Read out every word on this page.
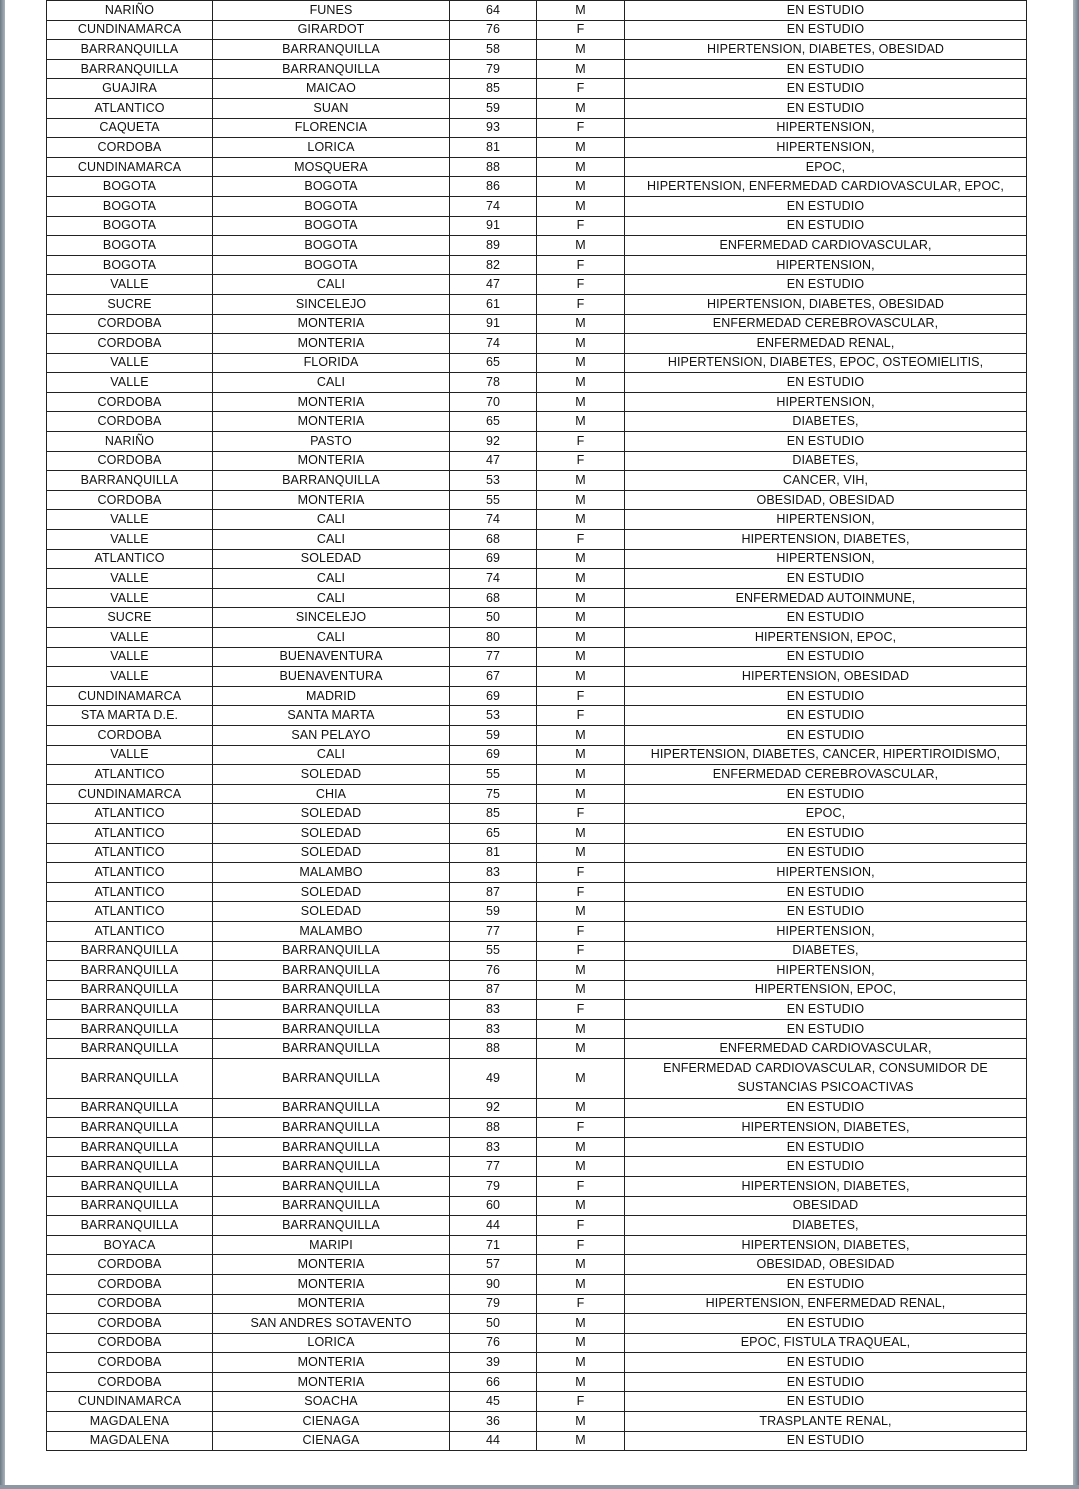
NARIÑO	FUNES	64	M	EN ESTUDIO
CUNDINAMARCA	GIRARDOT	76	F	EN ESTUDIO
BARRANQUILLA	BARRANQUILLA	58	M	HIPERTENSION, DIABETES, OBESIDAD
BARRANQUILLA	BARRANQUILLA	79	M	EN ESTUDIO
GUAJIRA	MAICAO	85	F	EN ESTUDIO
ATLANTICO	SUAN	59	M	EN ESTUDIO
CAQUETA	FLORENCIA	93	F	HIPERTENSION,
CORDOBA	LORICA	81	M	HIPERTENSION,
CUNDINAMARCA	MOSQUERA	88	M	EPOC,
BOGOTA	BOGOTA	86	M	HIPERTENSION, ENFERMEDAD CARDIOVASCULAR, EPOC,
BOGOTA	BOGOTA	74	M	EN ESTUDIO
BOGOTA	BOGOTA	91	F	EN ESTUDIO
BOGOTA	BOGOTA	89	M	ENFERMEDAD CARDIOVASCULAR,
BOGOTA	BOGOTA	82	F	HIPERTENSION,
VALLE	CALI	47	F	EN ESTUDIO
SUCRE	SINCELEJO	61	F	HIPERTENSION, DIABETES, OBESIDAD
CORDOBA	MONTERIA	91	M	ENFERMEDAD CEREBROVASCULAR,
CORDOBA	MONTERIA	74	M	ENFERMEDAD RENAL,
VALLE	FLORIDA	65	M	HIPERTENSION, DIABETES, EPOC, OSTEOMIELITIS,
VALLE	CALI	78	M	EN ESTUDIO
CORDOBA	MONTERIA	70	M	HIPERTENSION,
CORDOBA	MONTERIA	65	M	DIABETES,
NARIÑO	PASTO	92	F	EN ESTUDIO
CORDOBA	MONTERIA	47	F	DIABETES,
BARRANQUILLA	BARRANQUILLA	53	M	CANCER, VIH,
CORDOBA	MONTERIA	55	M	OBESIDAD, OBESIDAD
VALLE	CALI	74	M	HIPERTENSION,
VALLE	CALI	68	F	HIPERTENSION, DIABETES,
ATLANTICO	SOLEDAD	69	M	HIPERTENSION,
VALLE	CALI	74	M	EN ESTUDIO
VALLE	CALI	68	M	ENFERMEDAD AUTOINMUNE,
SUCRE	SINCELEJO	50	M	EN ESTUDIO
VALLE	CALI	80	M	HIPERTENSION, EPOC,
VALLE	BUENAVENTURA	77	M	EN ESTUDIO
VALLE	BUENAVENTURA	67	M	HIPERTENSION, OBESIDAD
CUNDINAMARCA	MADRID	69	F	EN ESTUDIO
STA MARTA D.E.	SANTA MARTA	53	F	EN ESTUDIO
CORDOBA	SAN PELAYO	59	M	EN ESTUDIO
VALLE	CALI	69	M	HIPERTENSION, DIABETES, CANCER, HIPERTIROIDISMO,
ATLANTICO	SOLEDAD	55	M	ENFERMEDAD CEREBROVASCULAR,
CUNDINAMARCA	CHIA	75	M	EN ESTUDIO
ATLANTICO	SOLEDAD	85	F	EPOC,
ATLANTICO	SOLEDAD	65	M	EN ESTUDIO
ATLANTICO	SOLEDAD	81	M	EN ESTUDIO
ATLANTICO	MALAMBO	83	F	HIPERTENSION,
ATLANTICO	SOLEDAD	87	F	EN ESTUDIO
ATLANTICO	SOLEDAD	59	M	EN ESTUDIO
ATLANTICO	MALAMBO	77	F	HIPERTENSION,
BARRANQUILLA	BARRANQUILLA	55	F	DIABETES,
BARRANQUILLA	BARRANQUILLA	76	M	HIPERTENSION,
BARRANQUILLA	BARRANQUILLA	87	M	HIPERTENSION, EPOC,
BARRANQUILLA	BARRANQUILLA	83	F	EN ESTUDIO
BARRANQUILLA	BARRANQUILLA	83	M	EN ESTUDIO
BARRANQUILLA	BARRANQUILLA	88	M	ENFERMEDAD CARDIOVASCULAR,
BARRANQUILLA	BARRANQUILLA	49	M	ENFERMEDAD CARDIOVASCULAR, CONSUMIDOR DE SUSTANCIAS PSICOACTIVAS
BARRANQUILLA	BARRANQUILLA	92	M	EN ESTUDIO
BARRANQUILLA	BARRANQUILLA	88	F	HIPERTENSION, DIABETES,
BARRANQUILLA	BARRANQUILLA	83	M	EN ESTUDIO
BARRANQUILLA	BARRANQUILLA	77	M	EN ESTUDIO
BARRANQUILLA	BARRANQUILLA	79	F	HIPERTENSION, DIABETES,
BARRANQUILLA	BARRANQUILLA	60	M	OBESIDAD
BARRANQUILLA	BARRANQUILLA	44	F	DIABETES,
BOYACA	MARIPI	71	F	HIPERTENSION, DIABETES,
CORDOBA	MONTERIA	57	M	OBESIDAD, OBESIDAD
CORDOBA	MONTERIA	90	M	EN ESTUDIO
CORDOBA	MONTERIA	79	F	HIPERTENSION, ENFERMEDAD RENAL,
CORDOBA	SAN ANDRES SOTAVENTO	50	M	EN ESTUDIO
CORDOBA	LORICA	76	M	EPOC, FISTULA TRAQUEAL,
CORDOBA	MONTERIA	39	M	EN ESTUDIO
CORDOBA	MONTERIA	66	M	EN ESTUDIO
CUNDINAMARCA	SOACHA	45	F	EN ESTUDIO
MAGDALENA	CIENAGA	36	M	TRASPLANTE RENAL,
MAGDALENA	CIENAGA	44	M	EN ESTUDIO
